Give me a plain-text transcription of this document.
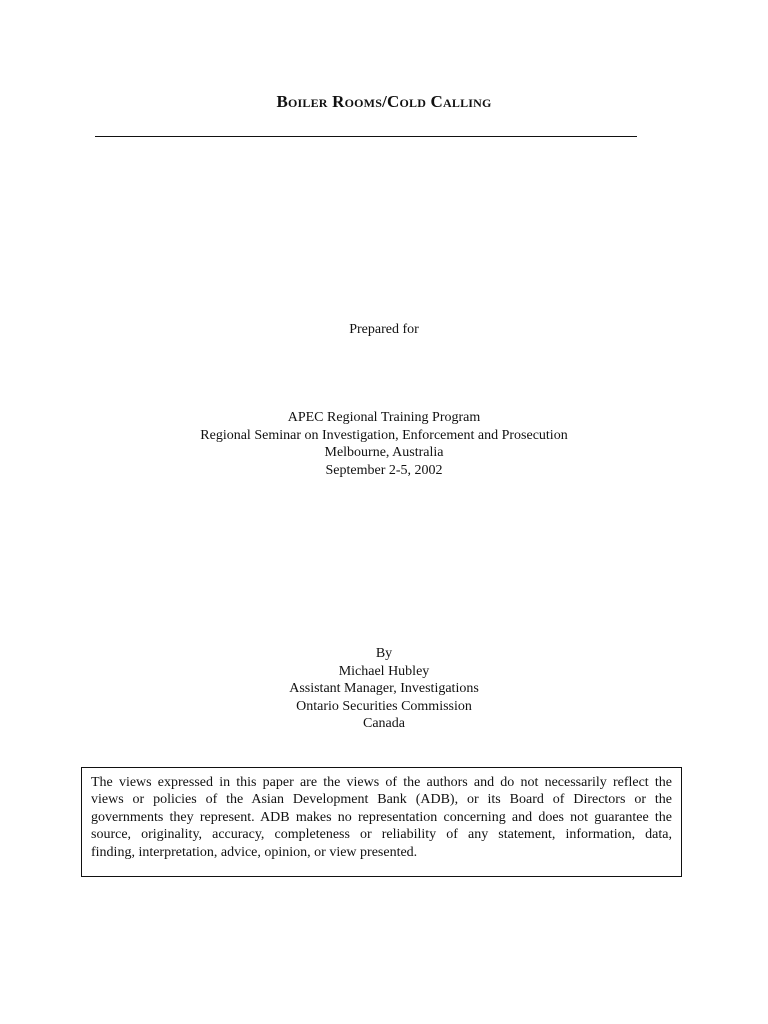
Boiler Rooms/Cold Calling
Prepared for
APEC Regional Training Program
Regional Seminar on Investigation, Enforcement and Prosecution
Melbourne, Australia
September 2-5, 2002
By
Michael Hubley
Assistant Manager, Investigations
Ontario Securities Commission
Canada
The views expressed in this paper are the views of the authors and do not necessarily reflect the
views or policies of the Asian Development Bank (ADB), or its Board of Directors or the
governments they represent. ADB makes no representation concerning and does not guarantee the
source, originality, accuracy, completeness or reliability of any statement, information, data,
finding, interpretation, advice, opinion, or view presented.
